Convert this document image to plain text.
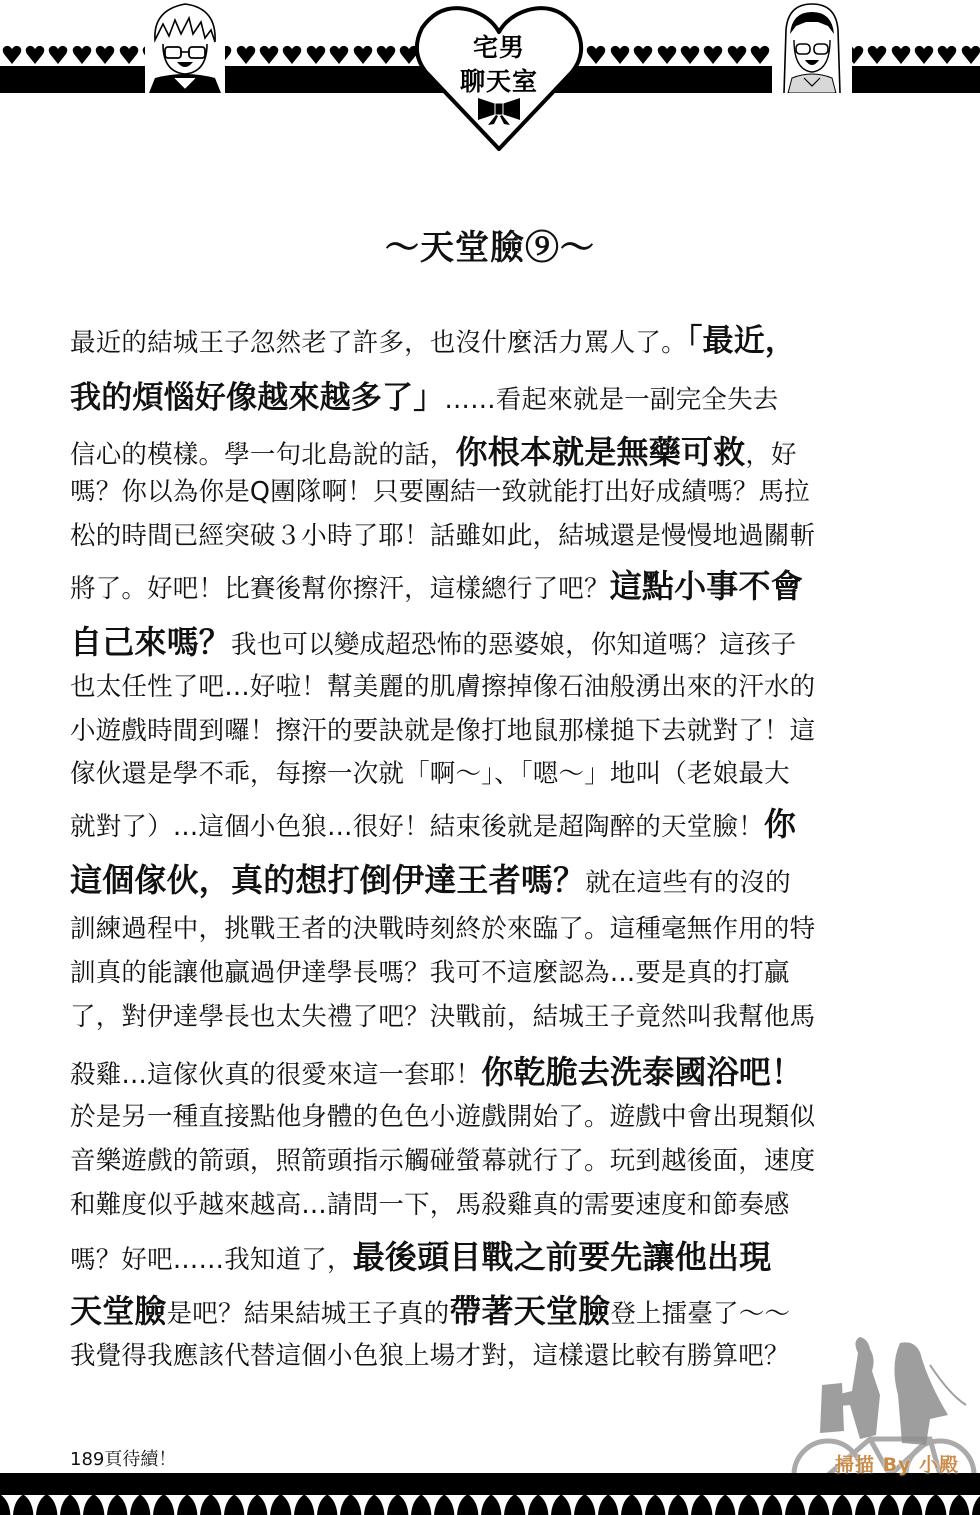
宅男
聊天室
～天堂臉⑨～
最近的結城王子忽然老了許多，也沒什麼活力罵人了。「最近，
我的煩惱好像越來越多了」……看起來就是一副完全失去
信心的模樣。學一句北島說的話，你根本就是無藥可救，好
嗎？你以為你是Q團隊啊！只要團結一致就能打出好成績嗎？馬拉
松的時間已經突破３小時了耶！話雖如此，結城還是慢慢地過關斬
將了。好吧！比賽後幫你擦汗，這樣總行了吧？這點小事不會
自己來嗎？我也可以變成超恐怖的惡婆娘，你知道嗎？這孩子
也太任性了吧…好啦！幫美麗的肌膚擦掉像石油般湧出來的汗水的
小遊戲時間到囉！擦汗的要訣就是像打地鼠那樣搥下去就對了！這
傢伙還是學不乖，每擦一次就「啊～」、「嗯～」地叫（老娘最大
就對了）…這個小色狼…很好！結束後就是超陶醉的天堂臉！你
這個傢伙，真的想打倒伊達王者嗎？就在這些有的沒的
訓練過程中，挑戰王者的決戰時刻終於來臨了。這種毫無作用的特
訓真的能讓他贏過伊達學長嗎？我可不這麼認為…要是真的打贏
了，對伊達學長也太失禮了吧？決戰前，結城王子竟然叫我幫他馬
殺雞…這傢伙真的很愛來這一套耶！你乾脆去洗泰國浴吧！
於是另一種直接點他身體的色色小遊戲開始了。遊戲中會出現類似
音樂遊戲的箭頭，照箭頭指示觸碰螢幕就行了。玩到越後面，速度
和難度似乎越來越高…請問一下，馬殺雞真的需要速度和節奏感
嗎？好吧……我知道了，最後頭目戰之前要先讓他出現
天堂臉是吧？結果結城王子真的帶著天堂臉登上擂臺了～～
我覺得我應該代替這個小色狼上場才對，這樣還比較有勝算吧？
189頁待續！	掃描 By 小殿
